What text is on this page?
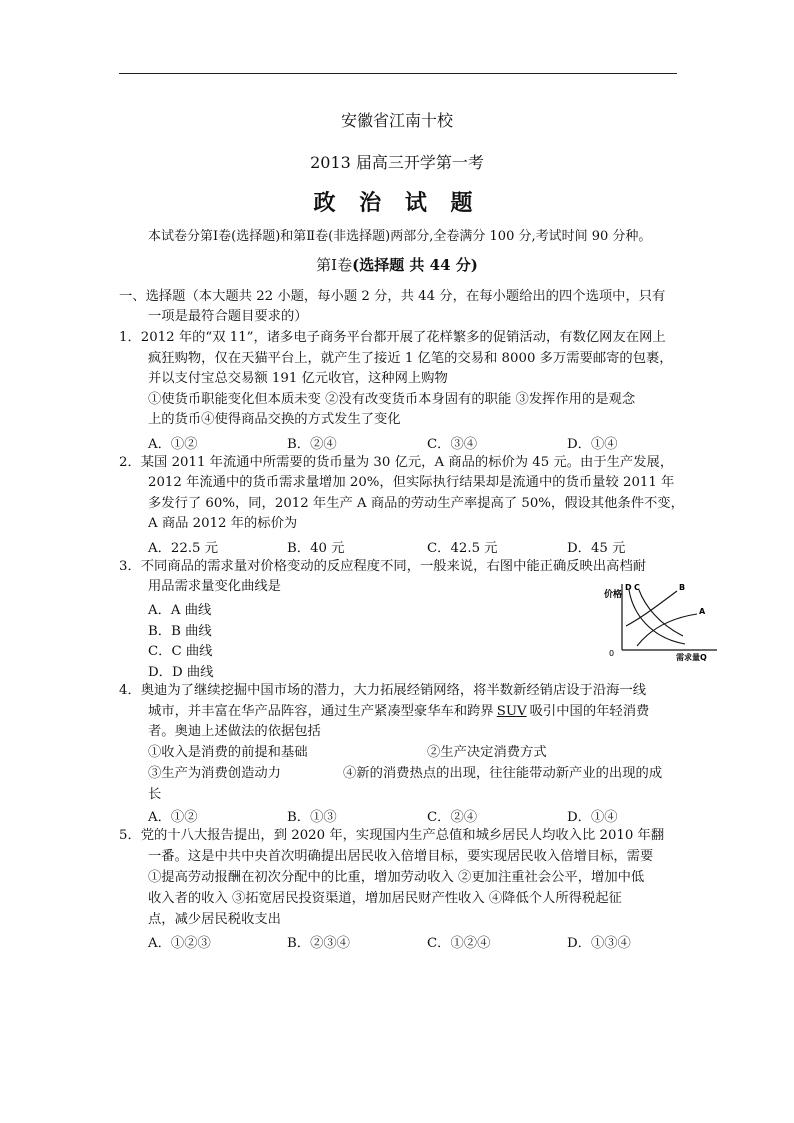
安徽省江南十校
2013 届高三开学第一考
政 治 试 题
本试卷分第Ⅰ卷(选择题)和第Ⅱ卷(非选择题)两部分,全卷满分 100 分,考试时间 90 分种。
第Ⅰ卷(选择题 共 44 分)
一、选择题（本大题共 22 小题，每小题 2 分，共 44 分，在每小题给出的四个选项中，只有
一项是最符合题目要求的）
1．2012 年的“双 11”，诸多电子商务平台都开展了花样繁多的促销活动，有数亿网友在网上
疯狂购物，仅在天猫平台上，就产生了接近 1 亿笔的交易和 8000 多万需要邮寄的包裹，
并以支付宝总交易额 191 亿元收官，这种网上购物
①使货币职能变化但本质未变 ②没有改变货币本身固有的职能 ③发挥作用的是观念
上的货币④使得商品交换的方式发生了变化
A．①②	B．②④	C．③④	D．①④
2．某国 2011 年流通中所需要的货币量为 30 亿元，A 商品的标价为 45 元。由于生产发展，
2012 年流通中的货币需求量增加 20%，但实际执行结果却是流通中的货币量较 2011 年
多发行了 60%，同，2012 年生产 A 商品的劳动生产率提高了 50%，假设其他条件不变，
A 商品 2012 年的标价为
A．22.5 元	B．40 元	C．42.5 元	D．45 元
3．不同商品的需求量对价格变动的反应程度不同，一般来说，右图中能正确反映出高档耐
用品需求量变化曲线是
A．A 曲线
B．B 曲线
C．C 曲线
D．D 曲线
价格
需求量Q
0
D C	B
A
4．奥迪为了继续挖掘中国市场的潜力，大力拓展经销网络，将半数新经销店设于沿海一线
城市，并丰富在华产品阵容，通过生产紧凑型豪华车和跨界 SUV 吸引中国的年轻消费
者。奥迪上述做法的依据包括
①收入是消费的前提和基础	②生产决定消费方式
③生产为消费创造动力	④新的消费热点的出现，往往能带动新产业的出现的成
长
A．①②	B．①③	C．②④	D．①④
5．党的十八大报告提出，到 2020 年，实现国内生产总值和城乡居民人均收入比 2010 年翻
一番。这是中共中央首次明确提出居民收入倍增目标，要实现居民收入倍增目标，需要
①提高劳动报酬在初次分配中的比重，增加劳动收入 ②更加注重社会公平，增加中低
收入者的收入 ③拓宽居民投资渠道，增加居民财产性收入 ④降低个人所得税起征
点，减少居民税收支出
A．①②③	B．②③④	C．①②④	D．①③④
